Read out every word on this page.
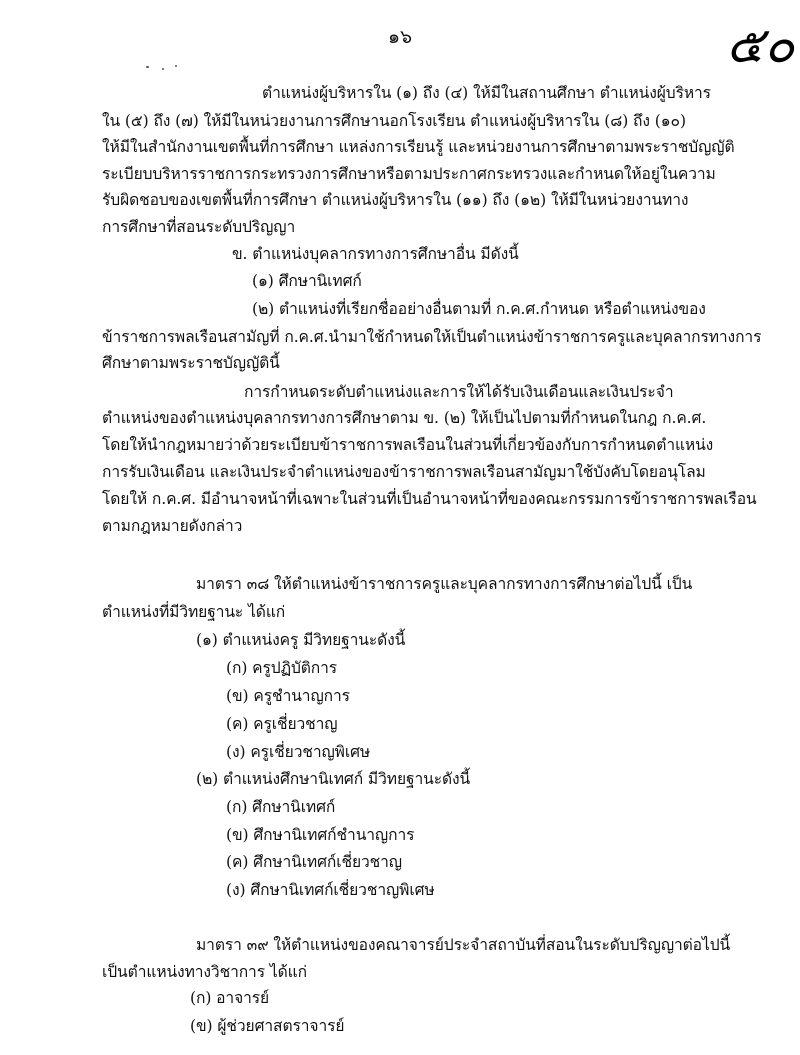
๑๖	๕๐
ตำแหน่งผู้บริหารใน (๑) ถึง (๔) ให้มีในสถานศึกษา ตำแหน่งผู้บริหาร
ใน (๕) ถึง (๗) ให้มีในหน่วยงานการศึกษานอกโรงเรียน ตำแหน่งผู้บริหารใน (๘) ถึง (๑๐)
ให้มีในสำนักงานเขตพื้นที่การศึกษา แหล่งการเรียนรู้ และหน่วยงานการศึกษาตามพระราชบัญญัติ
ระเบียบบริหารราชการกระทรวงการศึกษาหรือตามประกาศกระทรวงและกำหนดให้อยู่ในความ
รับผิดชอบของเขตพื้นที่การศึกษา ตำแหน่งผู้บริหารใน (๑๑) ถึง (๑๒) ให้มีในหน่วยงานทาง
การศึกษาที่สอนระดับปริญญา
ข. ตำแหน่งบุคลากรทางการศึกษาอื่น มีดังนี้
(๑) ศึกษานิเทศก์
(๒) ตำแหน่งที่เรียกชื่ออย่างอื่นตามที่ ก.ค.ศ.กำหนด หรือตำแหน่งของ
ข้าราชการพลเรือนสามัญที่ ก.ค.ศ.นำมาใช้กำหนดให้เป็นตำแหน่งข้าราชการครูและบุคลากรทางการ
ศึกษาตามพระราชบัญญัตินี้
การกำหนดระดับตำแหน่งและการให้ได้รับเงินเดือนและเงินประจำ
ตำแหน่งของตำแหน่งบุคลากรทางการศึกษาตาม ข. (๒) ให้เป็นไปตามที่กำหนดในกฎ ก.ค.ศ.
โดยให้นำกฎหมายว่าด้วยระเบียบข้าราชการพลเรือนในส่วนที่เกี่ยวข้องกับการกำหนดตำแหน่ง
การรับเงินเดือน และเงินประจำตำแหน่งของข้าราชการพลเรือนสามัญมาใช้บังคับโดยอนุโลม
โดยให้ ก.ค.ศ. มีอำนาจหน้าที่เฉพาะในส่วนที่เป็นอำนาจหน้าที่ของคณะกรรมการข้าราชการพลเรือน
ตามกฎหมายดังกล่าว
มาตรา ๓๘ ให้ตำแหน่งข้าราชการครูและบุคลากรทางการศึกษาต่อไปนี้ เป็น
ตำแหน่งที่มีวิทยฐานะ ได้แก่
(๑) ตำแหน่งครู มีวิทยฐานะดังนี้
(ก) ครูปฏิบัติการ
(ข) ครูชำนาญการ
(ค) ครูเชี่ยวชาญ
(ง) ครูเชี่ยวชาญพิเศษ
(๒) ตำแหน่งศึกษานิเทศก์ มีวิทยฐานะดังนี้
(ก) ศึกษานิเทศก์
(ข) ศึกษานิเทศก์ชำนาญการ
(ค) ศึกษานิเทศก์เชี่ยวชาญ
(ง) ศึกษานิเทศก์เชี่ยวชาญพิเศษ
มาตรา ๓๙ ให้ตำแหน่งของคณาจารย์ประจำสถาบันที่สอนในระดับปริญญาต่อไปนี้
เป็นตำแหน่งทางวิชาการ ได้แก่
(ก) อาจารย์
(ข) ผู้ช่วยศาสตราจารย์
